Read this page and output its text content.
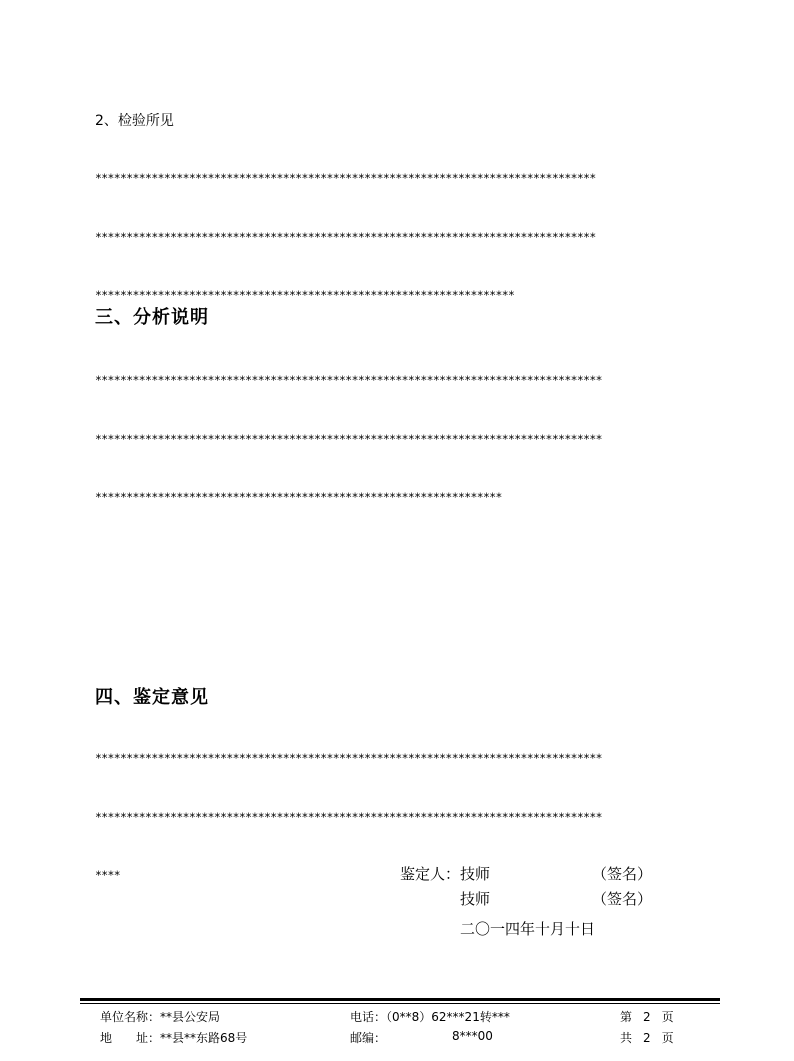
2、检验所见

********************************************************************************

********************************************************************************

*******************************************************************

三、分析说明

*********************************************************************************

*********************************************************************************

*****************************************************************

四、鉴定意见

*********************************************************************************

*********************************************************************************

****	鉴定人： 技师	（签名）
技师	（签名）
二〇一四年十月十日
单位名称：**县公安局	电话：（0**8）62***21转***	第 2 页
地　　址：**县**东路68号	邮编：	8***00	共 2 页
